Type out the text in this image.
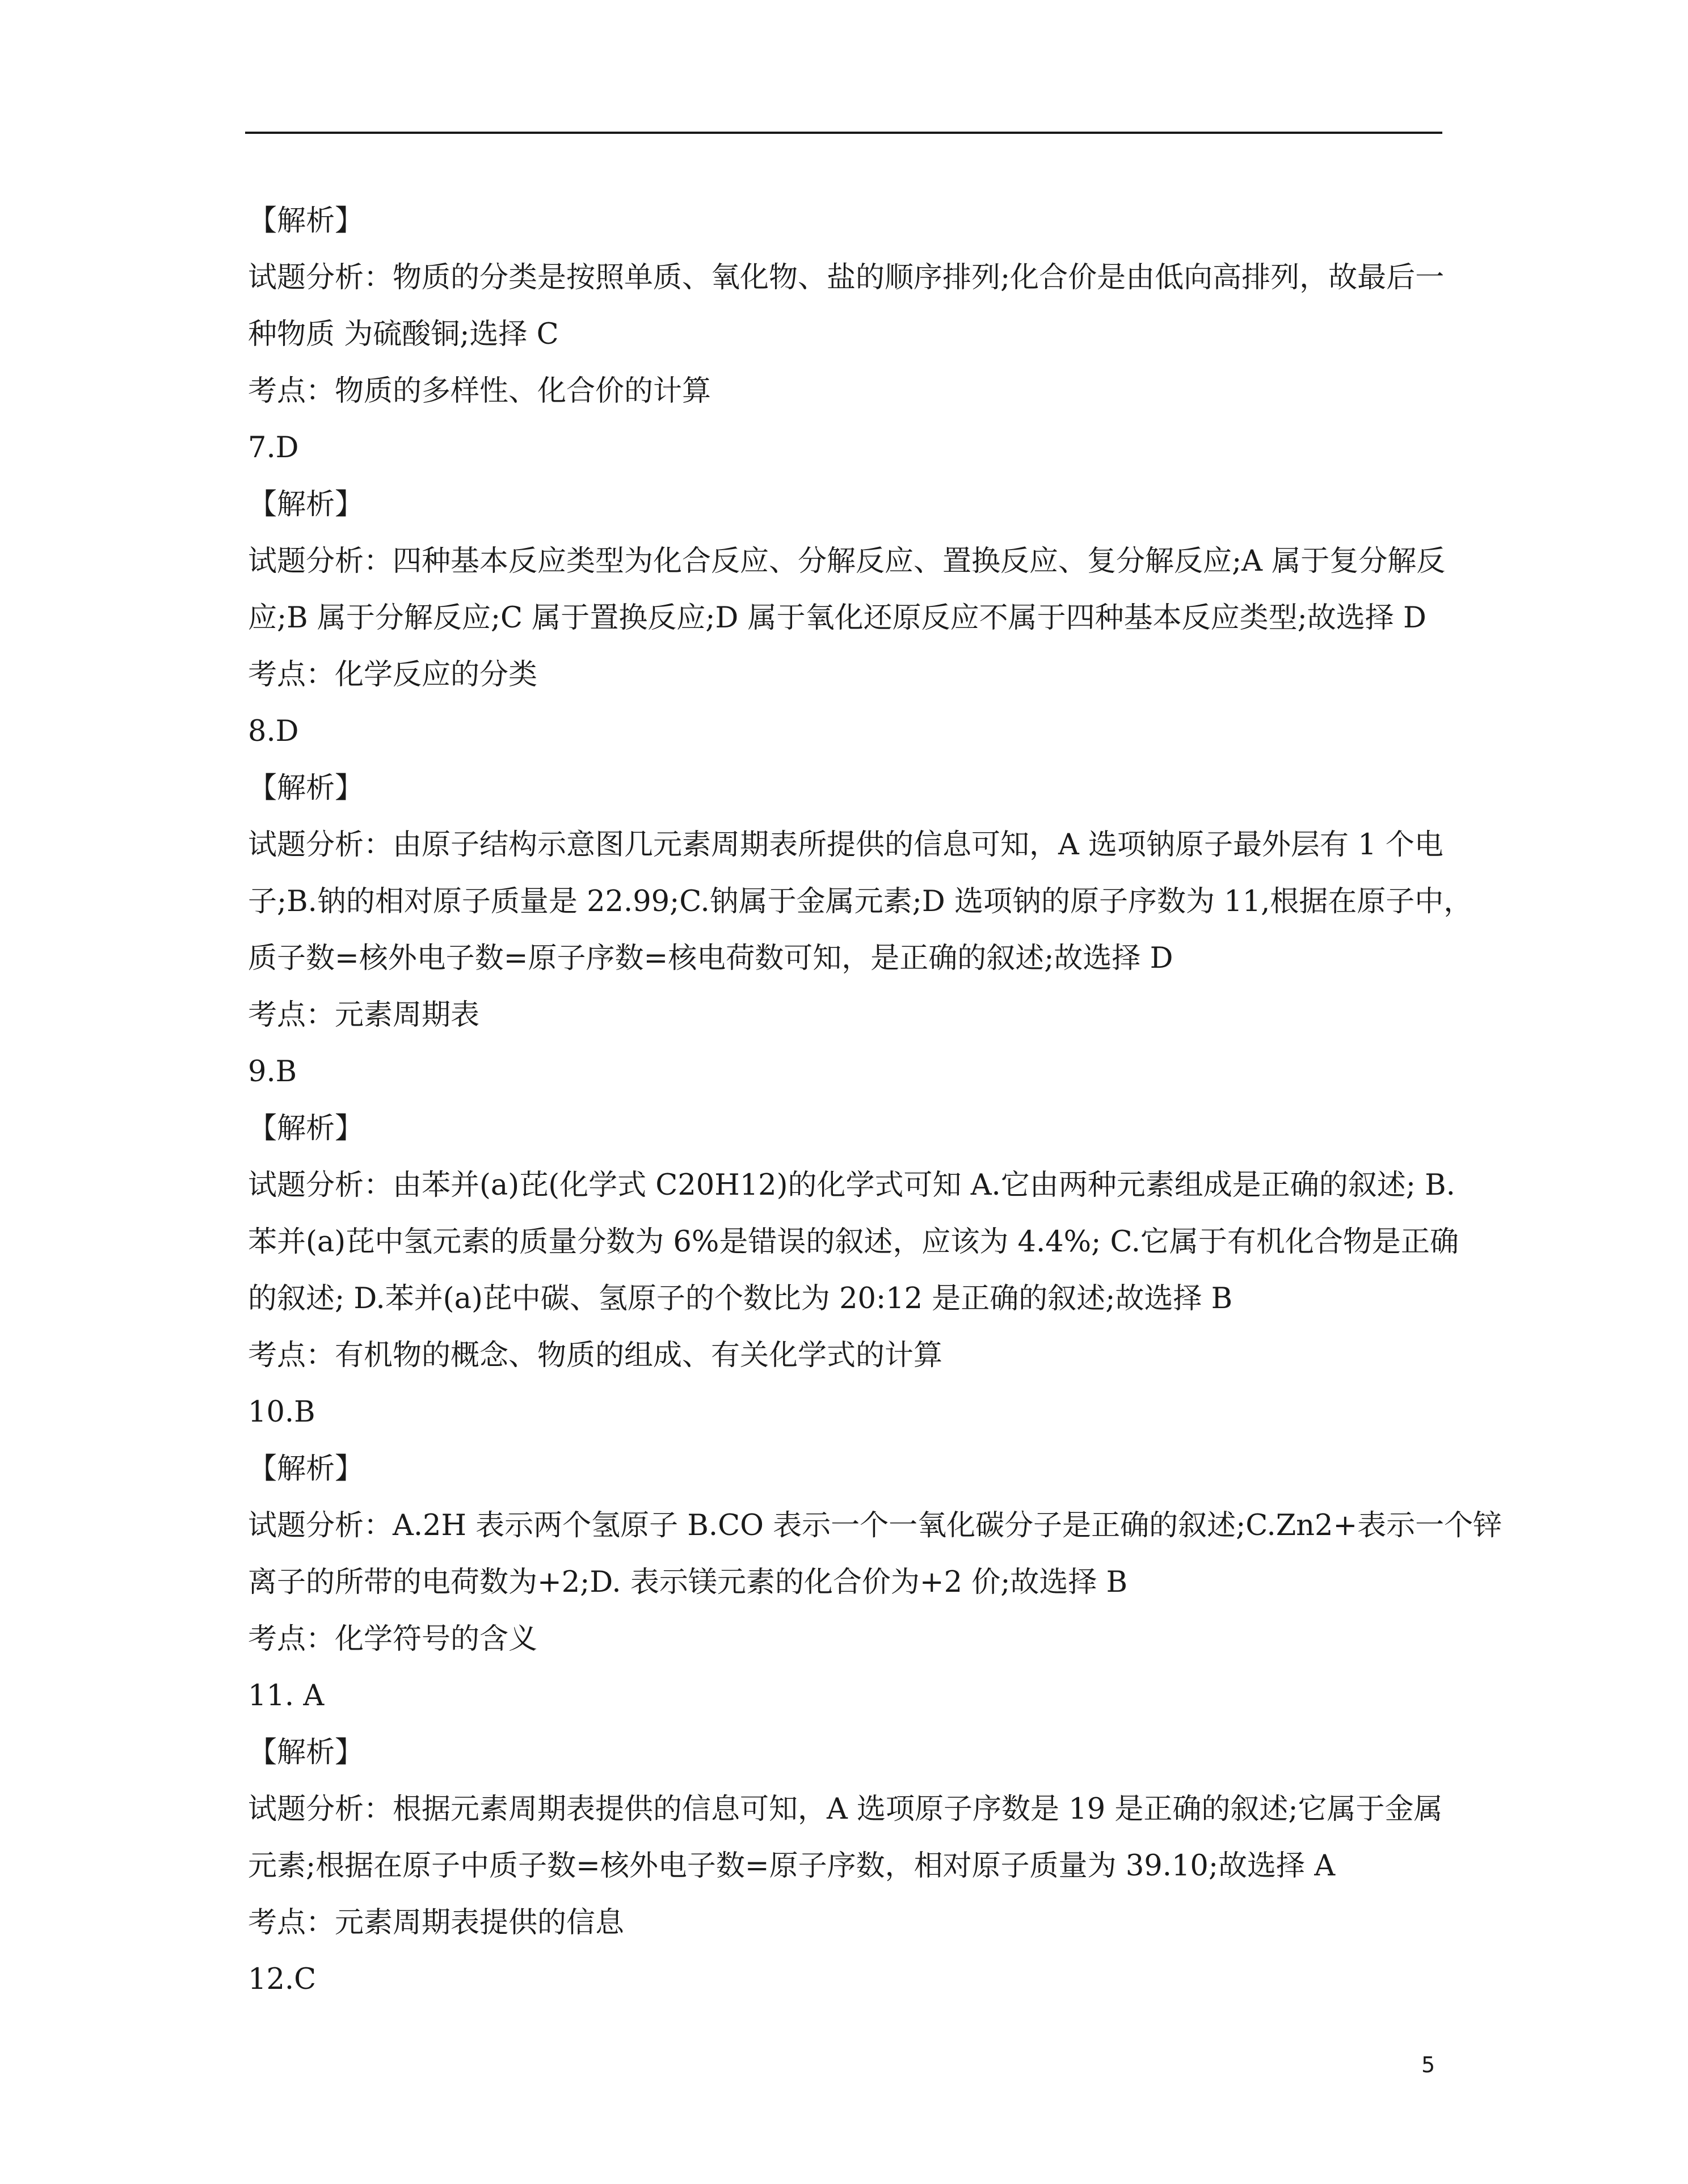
【解析】
试题分析：物质的分类是按照单质、氧化物、盐的顺序排列;化合价是由低向高排列，故最后一
种物质 为硫酸铜;选择 C
考点：物质的多样性、化合价的计算
7.D
【解析】
试题分析：四种基本反应类型为化合反应、分解反应、置换反应、复分解反应;A 属于复分解反
应;B 属于分解反应;C 属于置换反应;D 属于氧化还原反应不属于四种基本反应类型;故选择 D
考点：化学反应的分类
8.D
【解析】
试题分析：由原子结构示意图几元素周期表所提供的信息可知，A 选项钠原子最外层有 1 个电
子;B.钠的相对原子质量是 22.99;C.钠属于金属元素;D 选项钠的原子序数为 11,根据在原子中，
质子数=核外电子数=原子序数=核电荷数可知，是正确的叙述;故选择 D
考点：元素周期表
9.B
【解析】
试题分析：由苯并(a)芘(化学式 C20H12)的化学式可知 A.它由两种元素组成是正确的叙述; B.
苯并(a)芘中氢元素的质量分数为 6%是错误的叙述，应该为 4.4%; C.它属于有机化合物是正确
的叙述; D.苯并(a)芘中碳、氢原子的个数比为 20:12 是正确的叙述;故选择 B
考点：有机物的概念、物质的组成、有关化学式的计算
10.B
【解析】
试题分析：A.2H 表示两个氢原子 B.CO 表示一个一氧化碳分子是正确的叙述;C.Zn2+表示一个锌
离子的所带的电荷数为+2;D. 表示镁元素的化合价为+2 价;故选择 B
考点：化学符号的含义
11. A
【解析】
试题分析：根据元素周期表提供的信息可知，A 选项原子序数是 19 是正确的叙述;它属于金属
元素;根据在原子中质子数=核外电子数=原子序数，相对原子质量为 39.10;故选择 A
考点：元素周期表提供的信息
12.C
5
